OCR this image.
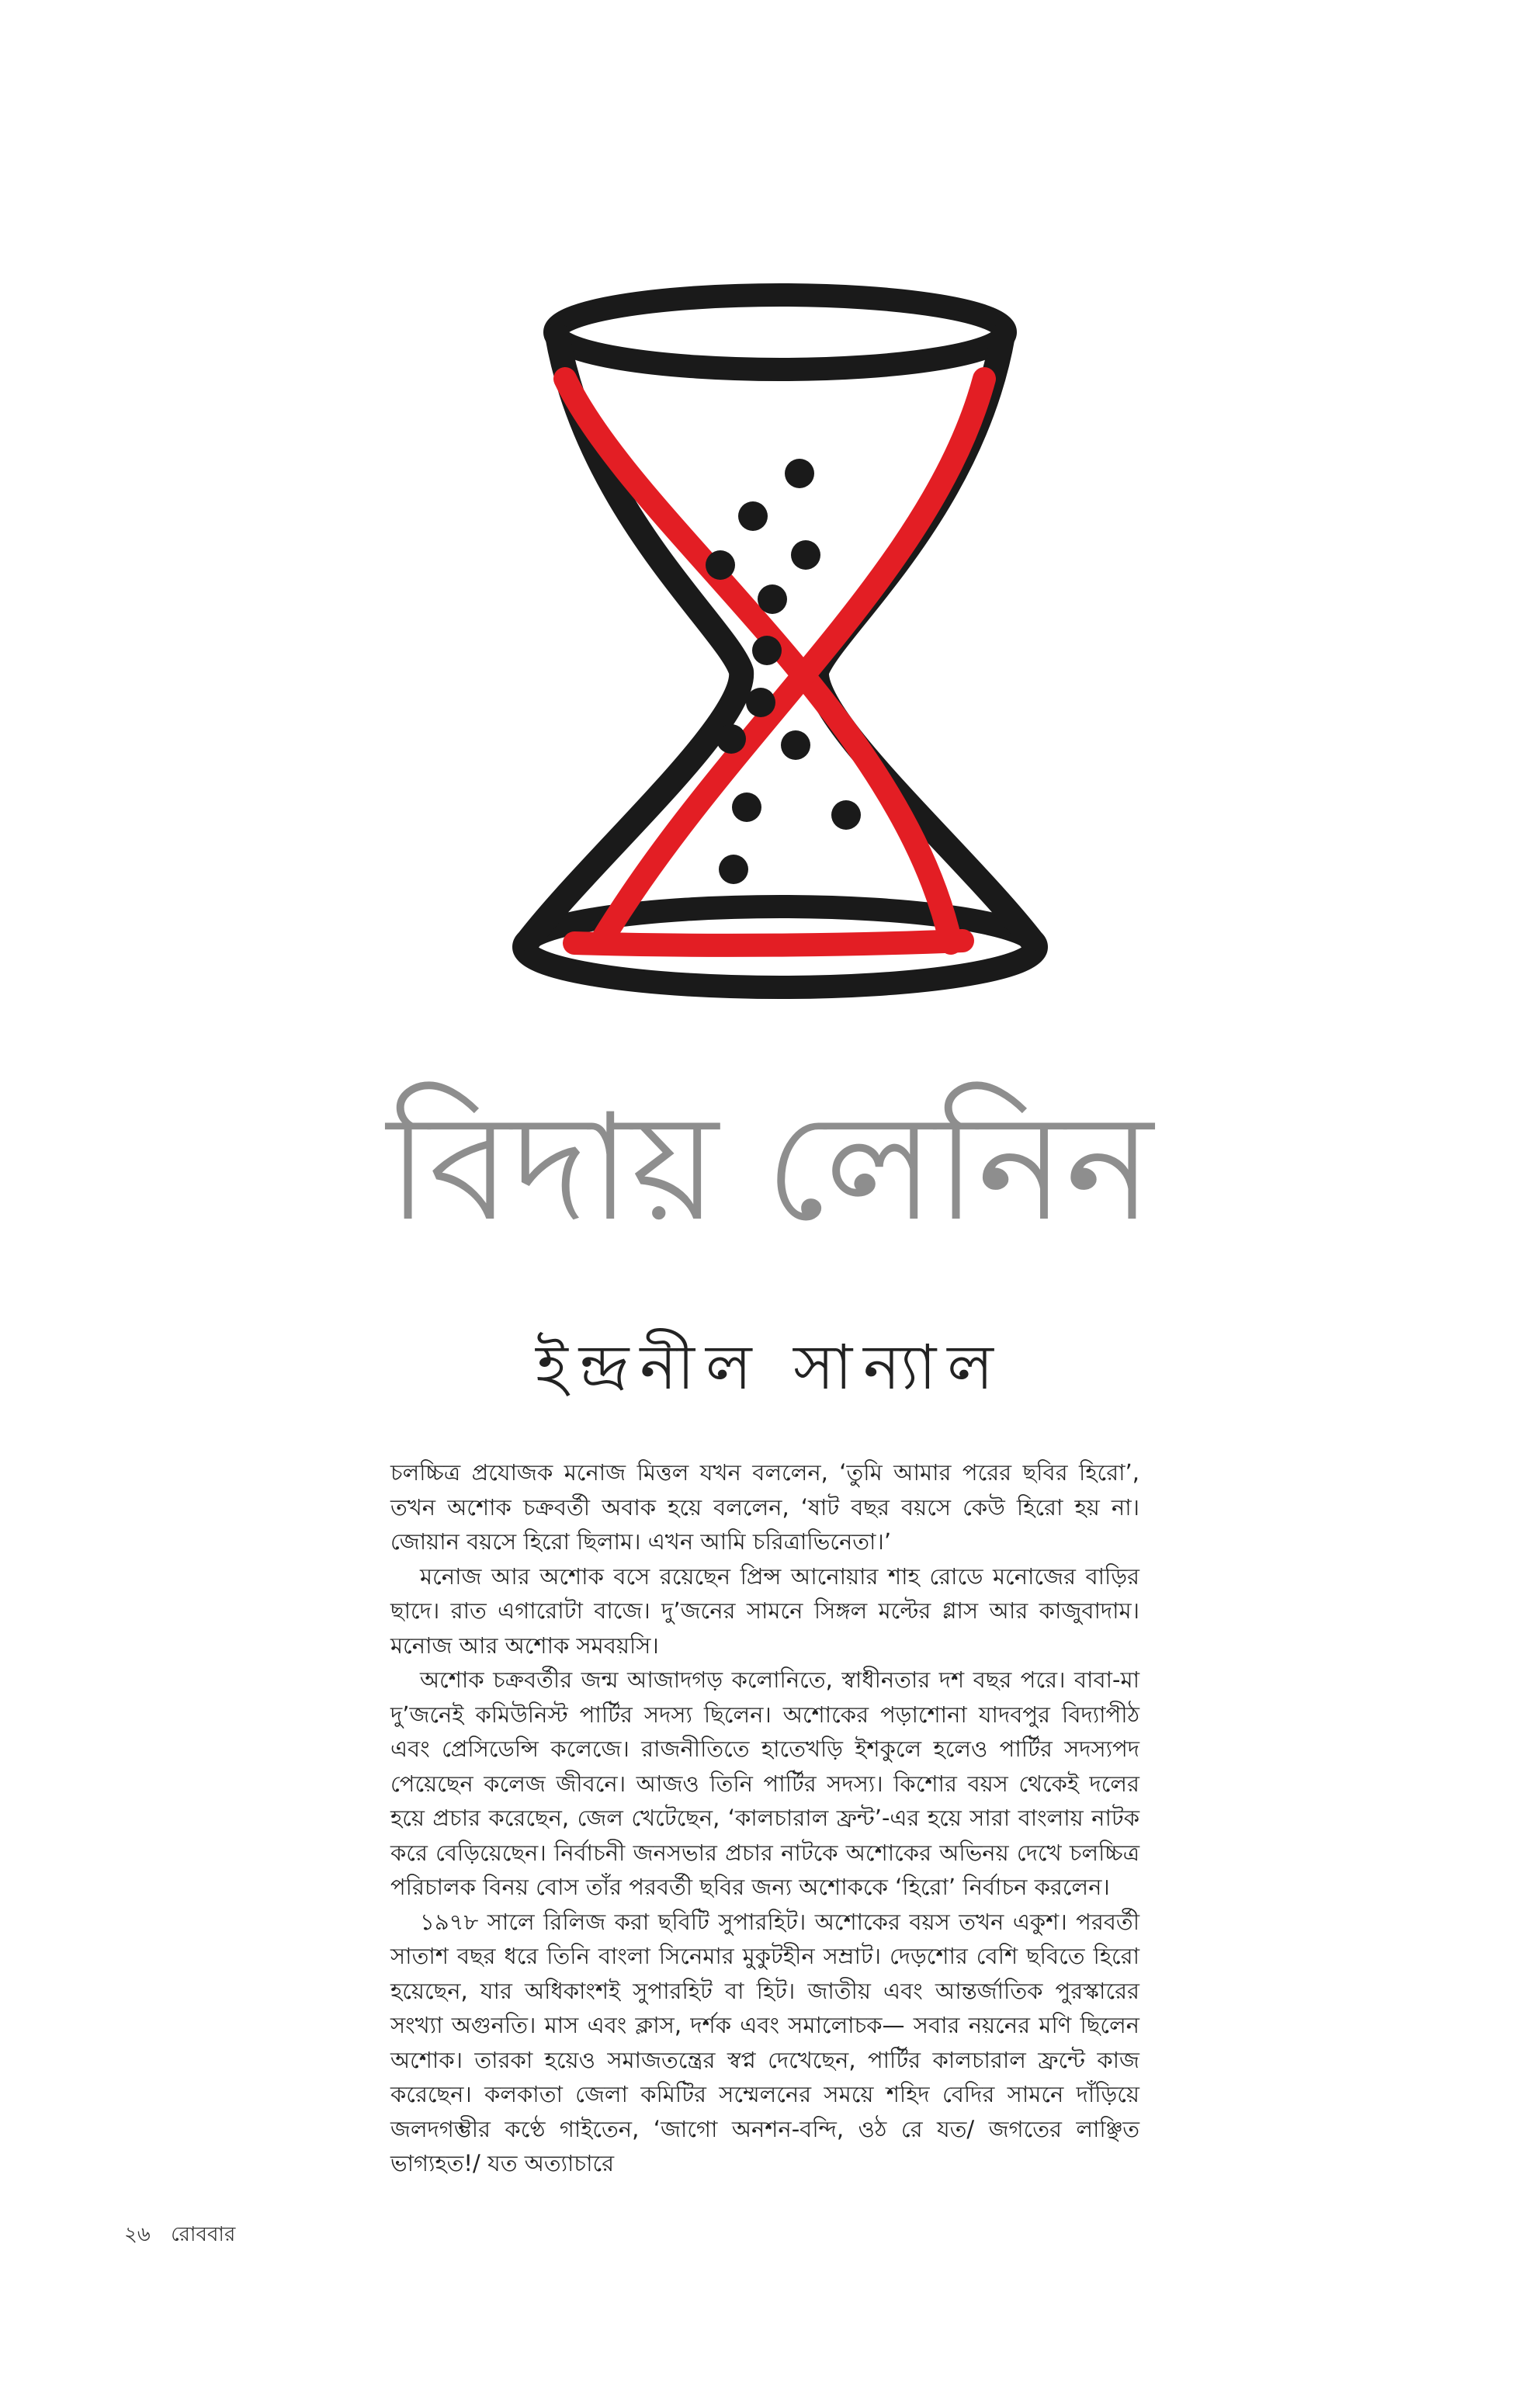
বিদায় লেনিন
ইন্দ্রনীল সান্যাল

চলচ্চিত্র প্রযোজক মনোজ মিত্তল যখন বললেন, ‘তুমি আমার পরের ছবির হিরো’, তখন অশোক চক্রবর্তী অবাক হয়ে বললেন, ‘ষাট বছর বয়সে কেউ হিরো হয় না। জোয়ান বয়সে হিরো ছিলাম। এখন আমি চরিত্রাভিনেতা।’

মনোজ আর অশোক বসে রয়েছেন প্রিন্স আনোয়ার শাহ রোডে মনোজের বাড়ির ছাদে। রাত এগারোটা বাজে। দু’জনের সামনে সিঙ্গল মল্টের গ্লাস আর কাজুবাদাম। মনোজ আর অশোক সমবয়সি।

অশোক চক্রবর্তীর জন্ম আজাদগড় কলোনিতে, স্বাধীনতার দশ বছর পরে। বাবা-মা দু’জনেই কমিউনিস্ট পার্টির সদস্য ছিলেন। অশোকের পড়াশোনা যাদবপুর বিদ্যাপীঠ এবং প্রেসিডেন্সি কলেজে। রাজনীতিতে হাতেখড়ি ইশকুলে হলেও পার্টির সদস্যপদ পেয়েছেন কলেজ জীবনে। আজও তিনি পার্টির সদস্য। কিশোর বয়স থেকেই দলের হয়ে প্রচার করেছেন, জেল খেটেছেন, ‘কালচারাল ফ্রন্ট’-এর হয়ে সারা বাংলায় নাটক করে বেড়িয়েছেন। নির্বাচনী জনসভার প্রচার নাটকে অশোকের অভিনয় দেখে চলচ্চিত্র পরিচালক বিনয় বোস তাঁর পরবর্তী ছবির জন্য অশোককে ‘হিরো’ নির্বাচন করলেন।

১৯৭৮ সালে রিলিজ করা ছবিটি সুপারহিট। অশোকের বয়স তখন একুশ। পরবর্তী সাতাশ বছর ধরে তিনি বাংলা সিনেমার মুকুটহীন সম্রাট। দেড়শোর বেশি ছবিতে হিরো হয়েছেন, যার অধিকাংশই সুপারহিট বা হিট। জাতীয় এবং আন্তর্জাতিক পুরস্কারের সংখ্যা অগুনতি। মাস এবং ক্লাস, দর্শক এবং সমালোচক— সবার নয়নের মণি ছিলেন অশোক। তারকা হয়েও সমাজতন্ত্রের স্বপ্ন দেখেছেন, পার্টির কালচারাল ফ্রন্টে কাজ করেছেন। কলকাতা জেলা কমিটির সম্মেলনের সময়ে শহিদ বেদির সামনে দাঁড়িয়ে জলদগম্ভীর কণ্ঠে গাইতেন, ‘জাগো অনশন-বন্দি, ওঠ রে যত/ জগতের লাঞ্ছিত ভাগ্যহত!/ যত অত্যাচারে

২৬ রোববার
